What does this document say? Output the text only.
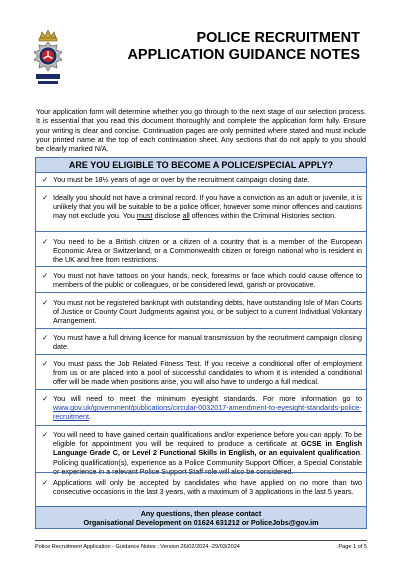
POLICE RECRUITMENT
APPLICATION GUIDANCE NOTES
Your application form will determine whether you go through to the next stage of our selection process. It is essential that you read this document thoroughly and complete the application form fully. Ensure your writing is clear and concise. Continuation pages are only permitted where stated and must include your printed name at the top of each continuation sheet. Any sections that do not apply to you should be clearly marked N/A.
ARE YOU ELIGIBLE TO BECOME A POLICE/SPECIAL APPLY?
✓ You must be 18½ years of age or over by the recruitment campaign closing date.
✓ Ideally you should not have a criminal record. If you have a conviction as an adult or juvenile, it is unlikely that you will be suitable to be a police officer, however some minor offences and cautions may not exclude you. You must disclose all offences within the Criminal Histories section.
✓ You need to be a British citizen or a citizen of a country that is a member of the European Economic Area or Switzerland, or a Commonwealth citizen or foreign national who is resident in the UK and free from restrictions.
✓ You must not have tattoos on your hands, neck, forearms or face which could cause offence to members of the public or colleagues, or be considered lewd, garish or provocative.
✓ You must not be registered bankrupt with outstanding debts, have outstanding Isle of Man Courts of Justice or County Court Judgments against you, or be subject to a current Individual Voluntary Arrangement.
✓ You must have a full driving licence for manual transmission by the recruitment campaign closing date.
✓ You must pass the Job Related Fitness Test. If you receive a conditional offer of employment from us or are placed into a pool of successful candidates to whom it is intended a conditional offer will be made when positions arise, you will also have to undergo a full medical.
✓ You will need to meet the minimum eyesight standards. For more information go to www.gov.uk/government/publications/circular-0032017-amendment-to-eyesight-standards-police-recruitment.
✓ You will need to have gained certain qualifications and/or experience before you can apply. To be eligible for appointment you will be required to produce a certificate at GCSE in English Language Grade C, or Level 2 Functional Skills in English, or an equivalent qualification. Policing qualification(s), experience as a Police Community Support Officer, a Special Constable or experience in a relevant Police Support Staff role will also be considered.
✓ Applications will only be accepted by candidates who have applied on no more than two consecutive occasions in the last 3 years, with a maximum of 3 applications in the last 5 years.
Any questions, then please contact
Organisational Development on 01624 631212 or PoliceJobs@gov.im
Police Recruitment Application - Guidance Notes ; Version 26/02/2024 -29/03/2024	Page 1 of 5
